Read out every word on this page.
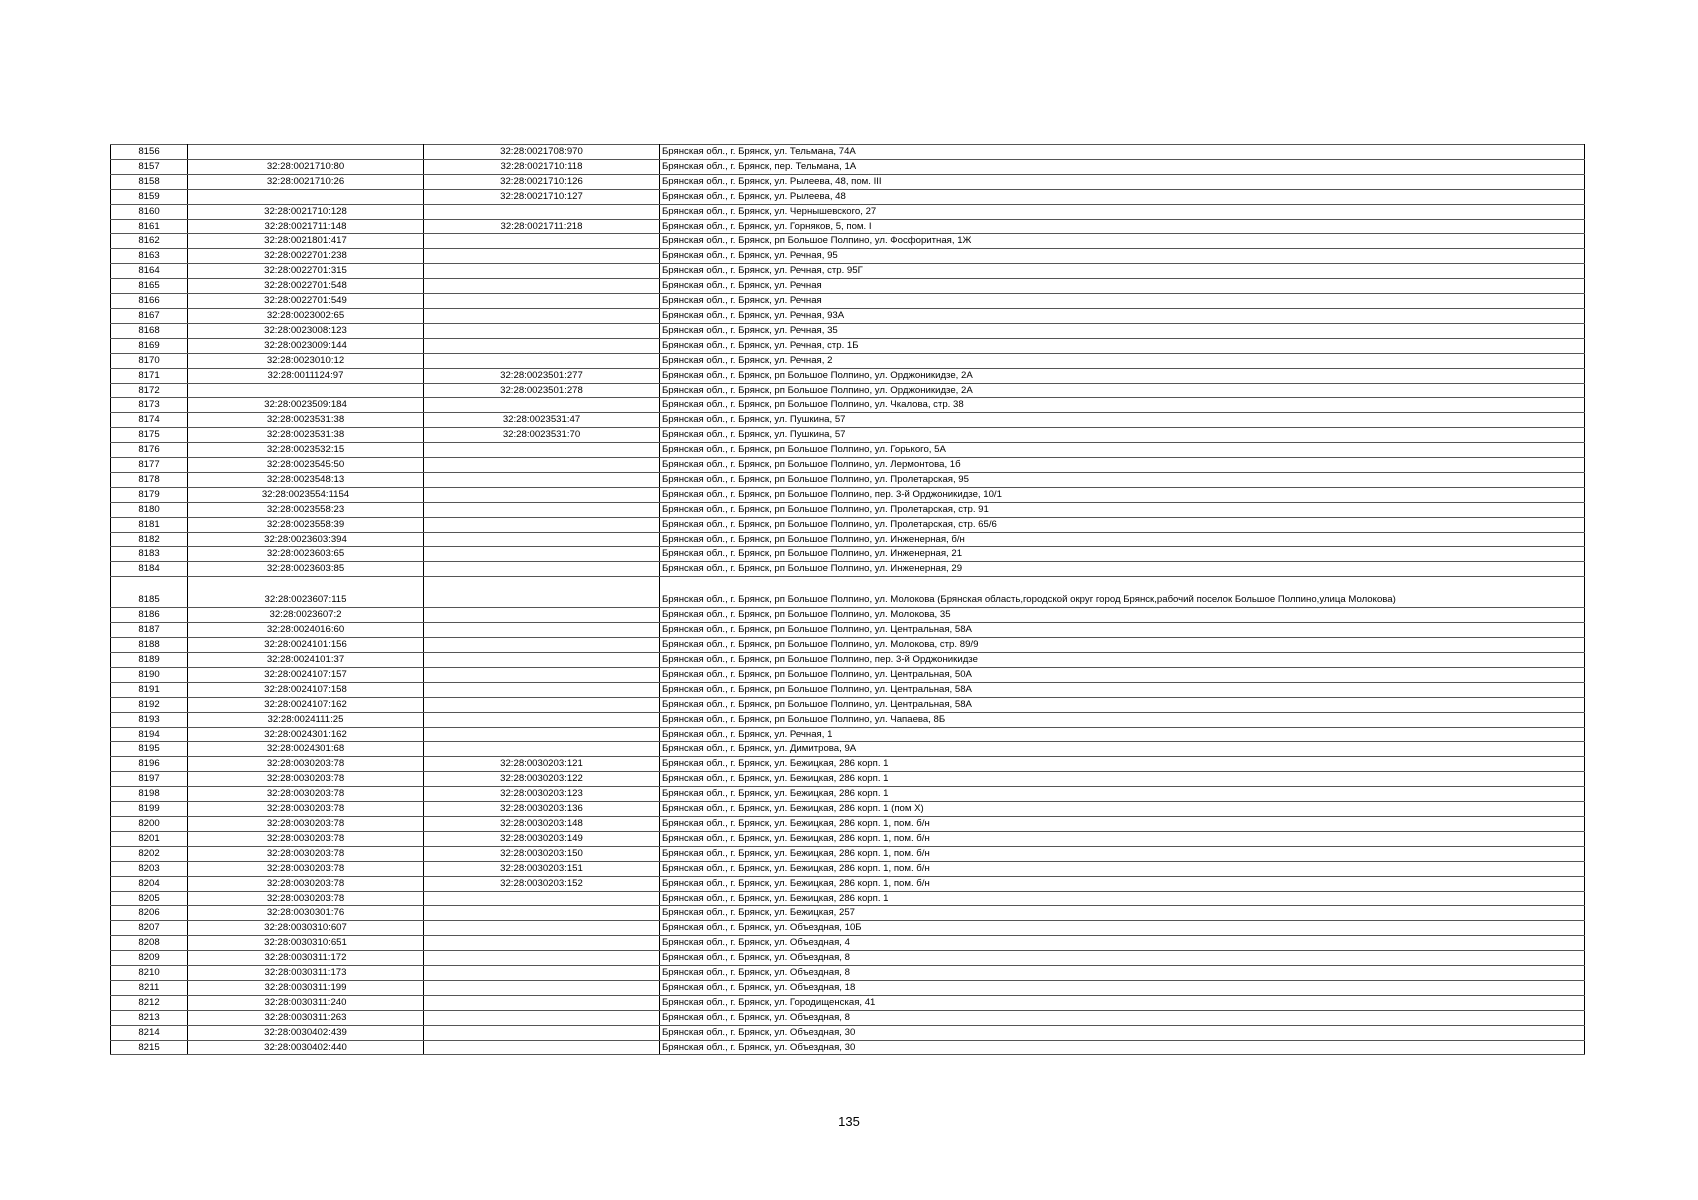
8156		32:28:0021708:970	Брянская обл., г. Брянск, ул. Тельмана, 74А
8157	32:28:0021710:80	32:28:0021710:118	Брянская обл., г. Брянск, пер. Тельмана, 1А
8158	32:28:0021710:26	32:28:0021710:126	Брянская обл., г. Брянск, ул. Рылеева, 48, пом. III
8159		32:28:0021710:127	Брянская обл., г. Брянск, ул. Рылеева, 48
8160	32:28:0021710:128		Брянская обл., г. Брянск, ул. Чернышевского, 27
8161	32:28:0021711:148	32:28:0021711:218	Брянская обл., г. Брянск, ул. Горняков, 5, пом. I
8162	32:28:0021801:417		Брянская обл., г. Брянск, рп Большое Полпино, ул. Фосфоритная, 1Ж
8163	32:28:0022701:238		Брянская обл., г. Брянск, ул. Речная, 95
8164	32:28:0022701:315		Брянская обл., г. Брянск, ул. Речная, стр. 95Г
8165	32:28:0022701:548		Брянская обл., г. Брянск, ул. Речная
8166	32:28:0022701:549		Брянская обл., г. Брянск, ул. Речная
8167	32:28:0023002:65		Брянская обл., г. Брянск, ул. Речная, 93А
8168	32:28:0023008:123		Брянская обл., г. Брянск, ул. Речная, 35
8169	32:28:0023009:144		Брянская обл., г. Брянск, ул. Речная, стр. 1Б
8170	32:28:0023010:12		Брянская обл., г. Брянск, ул. Речная, 2
8171	32:28:0011124:97	32:28:0023501:277	Брянская обл., г. Брянск, рп Большое Полпино, ул. Орджоникидзе, 2А
8172		32:28:0023501:278	Брянская обл., г. Брянск, рп Большое Полпино, ул. Орджоникидзе, 2А
8173	32:28:0023509:184		Брянская обл., г. Брянск, рп Большое Полпино, ул. Чкалова, стр. 38
8174	32:28:0023531:38	32:28:0023531:47	Брянская обл., г. Брянск, ул. Пушкина, 57
8175	32:28:0023531:38	32:28:0023531:70	Брянская обл., г. Брянск, ул. Пушкина, 57
8176	32:28:0023532:15		Брянская обл., г. Брянск, рп Большое Полпино, ул. Горького, 5А
8177	32:28:0023545:50		Брянская обл., г. Брянск, рп Большое Полпино, ул. Лермонтова, 1б
8178	32:28:0023548:13		Брянская обл., г. Брянск, рп Большое Полпино, ул. Пролетарская, 95
8179	32:28:0023554:1154		Брянская обл., г. Брянск, рп Большое Полпино, пер. 3-й Орджоникидзе, 10/1
8180	32:28:0023558:23		Брянская обл., г. Брянск, рп Большое Полпино, ул. Пролетарская, стр. 91
8181	32:28:0023558:39		Брянская обл., г. Брянск, рп Большое Полпино, ул. Пролетарская, стр. 65/6
8182	32:28:0023603:394		Брянская обл., г. Брянск, рп Большое Полпино, ул. Инженерная, б/н
8183	32:28:0023603:65		Брянская обл., г. Брянск, рп Большое Полпино, ул. Инженерная, 21
8184	32:28:0023603:85		Брянская обл., г. Брянск, рп Большое Полпино, ул. Инженерная, 29
8185	32:28:0023607:115		Брянская обл., г. Брянск, рп Большое Полпино, ул. Молокова (Брянская область,городской округ город Брянск,рабочий поселок Большое Полпино,улица Молокова)
8186	32:28:0023607:2		Брянская обл., г. Брянск, рп Большое Полпино, ул. Молокова, 35
8187	32:28:0024016:60		Брянская обл., г. Брянск, рп Большое Полпино, ул. Центральная, 58А
8188	32:28:0024101:156		Брянская обл., г. Брянск, рп Большое Полпино, ул. Молокова, стр. 89/9
8189	32:28:0024101:37		Брянская обл., г. Брянск, рп Большое Полпино, пер. 3-й Орджоникидзе
8190	32:28:0024107:157		Брянская обл., г. Брянск, рп Большое Полпино, ул. Центральная, 50А
8191	32:28:0024107:158		Брянская обл., г. Брянск, рп Большое Полпино, ул. Центральная, 58А
8192	32:28:0024107:162		Брянская обл., г. Брянск, рп Большое Полпино, ул. Центральная, 58А
8193	32:28:0024111:25		Брянская обл., г. Брянск, рп Большое Полпино, ул. Чапаева, 8Б
8194	32:28:0024301:162		Брянская обл., г. Брянск, ул. Речная, 1
8195	32:28:0024301:68		Брянская обл., г. Брянск, ул. Димитрова, 9А
8196	32:28:0030203:78	32:28:0030203:121	Брянская обл., г. Брянск, ул. Бежицкая, 286 корп. 1
8197	32:28:0030203:78	32:28:0030203:122	Брянская обл., г. Брянск, ул. Бежицкая, 286 корп. 1
8198	32:28:0030203:78	32:28:0030203:123	Брянская обл., г. Брянск, ул. Бежицкая, 286 корп. 1
8199	32:28:0030203:78	32:28:0030203:136	Брянская обл., г. Брянск, ул. Бежицкая, 286 корп. 1 (пом X)
8200	32:28:0030203:78	32:28:0030203:148	Брянская обл., г. Брянск, ул. Бежицкая, 286 корп. 1, пом. б/н
8201	32:28:0030203:78	32:28:0030203:149	Брянская обл., г. Брянск, ул. Бежицкая, 286 корп. 1, пом. б/н
8202	32:28:0030203:78	32:28:0030203:150	Брянская обл., г. Брянск, ул. Бежицкая, 286 корп. 1, пом. б/н
8203	32:28:0030203:78	32:28:0030203:151	Брянская обл., г. Брянск, ул. Бежицкая, 286 корп. 1, пом. б/н
8204	32:28:0030203:78	32:28:0030203:152	Брянская обл., г. Брянск, ул. Бежицкая, 286 корп. 1, пом. б/н
8205	32:28:0030203:78		Брянская обл., г. Брянск, ул. Бежицкая, 286 корп. 1
8206	32:28:0030301:76		Брянская обл., г. Брянск, ул. Бежицкая, 257
8207	32:28:0030310:607		Брянская обл., г. Брянск, ул. Объездная, 10Б
8208	32:28:0030310:651		Брянская обл., г. Брянск, ул. Объездная, 4
8209	32:28:0030311:172		Брянская обл., г. Брянск, ул. Объездная, 8
8210	32:28:0030311:173		Брянская обл., г. Брянск, ул. Объездная, 8
8211	32:28:0030311:199		Брянская обл., г. Брянск, ул. Объездная, 18
8212	32:28:0030311:240		Брянская обл., г. Брянск, ул. Городищенская, 41
8213	32:28:0030311:263		Брянская обл., г. Брянск, ул. Объездная, 8
8214	32:28:0030402:439		Брянская обл., г. Брянск, ул. Объездная, 30
8215	32:28:0030402:440		Брянская обл., г. Брянск, ул. Объездная, 30
135
